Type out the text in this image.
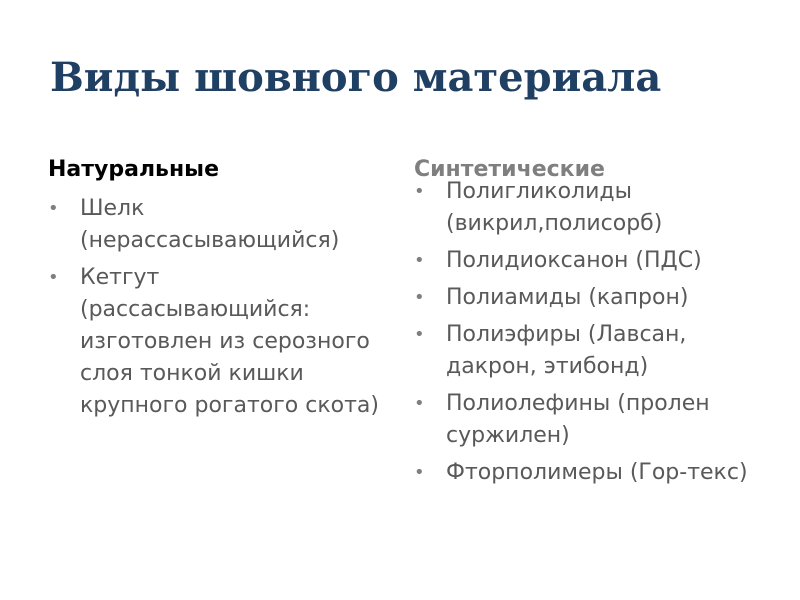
Виды шовного материала
Натуральные
• Шелк (нерассасывающийся)
• Кетгут (рассасывающийся: изготовлен из серозного слоя тонкой кишки крупного рогатого скота)
Синтетические
• Полигликолиды (викрил,полисорб)
• Полидиоксанон (ПДС)
• Полиамиды (капрон)
• Полиэфиры (Лавсан, дакрон, этибонд)
• Полиолефины (пролен суржилен)
• Фторполимеры (Гор-текс)
